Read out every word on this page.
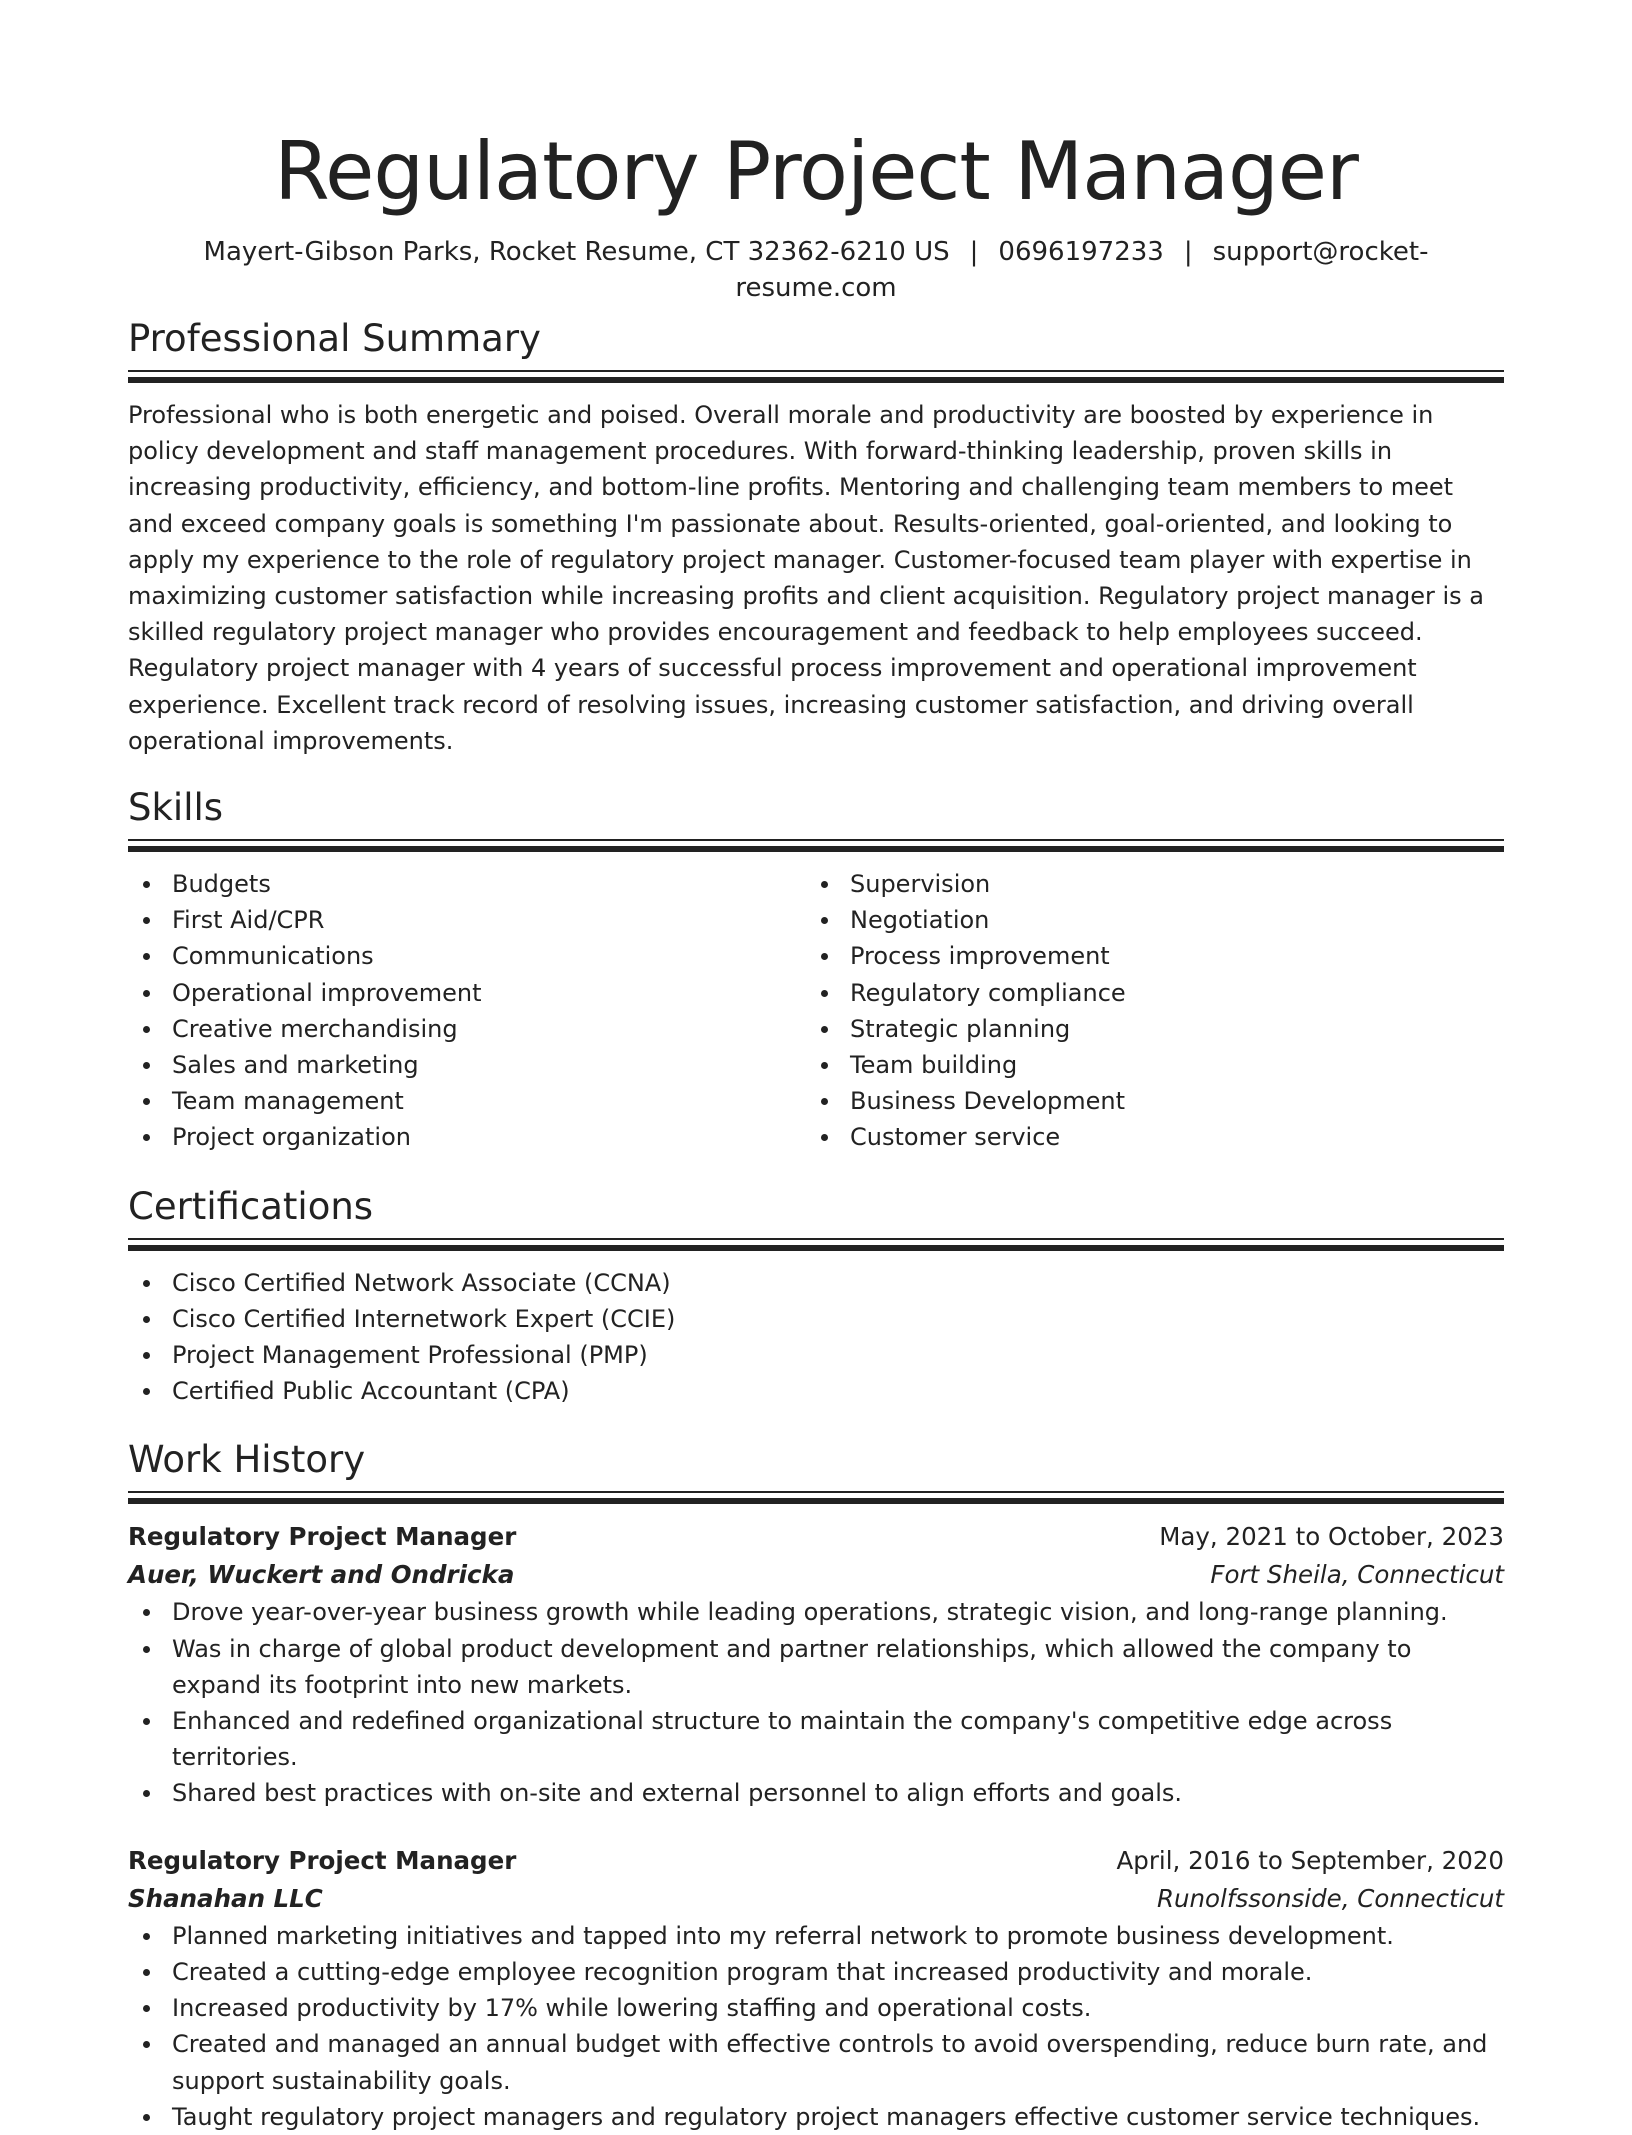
Regulatory Project Manager
Mayert-Gibson Parks, Rocket Resume, CT 32362-6210 US | 0696197233 | support@rocket-resume.com
Professional Summary

Professional who is both energetic and poised. Overall morale and productivity are boosted by experience in policy development and staff management procedures. With forward-thinking leadership, proven skills in increasing productivity, efficiency, and bottom-line profits. Mentoring and challenging team members to meet and exceed company goals is something I'm passionate about. Results-oriented, goal-oriented, and looking to apply my experience to the role of regulatory project manager. Customer-focused team player with expertise in maximizing customer satisfaction while increasing profits and client acquisition. Regulatory project manager is a skilled regulatory project manager who provides encouragement and feedback to help employees succeed. Regulatory project manager with 4 years of successful process improvement and operational improvement experience. Excellent track record of resolving issues, increasing customer satisfaction, and driving overall operational improvements.

Skills
Budgets
First Aid/CPR
Communications
Operational improvement
Creative merchandising
Sales and marketing
Team management
Project organization
Supervision
Negotiation
Process improvement
Regulatory compliance
Strategic planning
Team building
Business Development
Customer service
Certifications
Cisco Certified Network Associate (CCNA)
Cisco Certified Internetwork Expert (CCIE)
Project Management Professional (PMP)
Certified Public Accountant (CPA)
Work History
Regulatory Project Manager	May, 2021 to October, 2023
Auer, Wuckert and Ondricka	Fort Sheila, Connecticut
Drove year-over-year business growth while leading operations, strategic vision, and long-range planning.
Was in charge of global product development and partner relationships, which allowed the company to expand its footprint into new markets.
Enhanced and redefined organizational structure to maintain the company's competitive edge across territories.
Shared best practices with on-site and external personnel to align efforts and goals.
Regulatory Project Manager	April, 2016 to September, 2020
Shanahan LLC	Runolfssonside, Connecticut
Planned marketing initiatives and tapped into my referral network to promote business development.
Created a cutting-edge employee recognition program that increased productivity and morale.
Increased productivity by 17% while lowering staffing and operational costs.
Created and managed an annual budget with effective controls to avoid overspending, reduce burn rate, and support sustainability goals.
Taught regulatory project managers and regulatory project managers effective customer service techniques.
